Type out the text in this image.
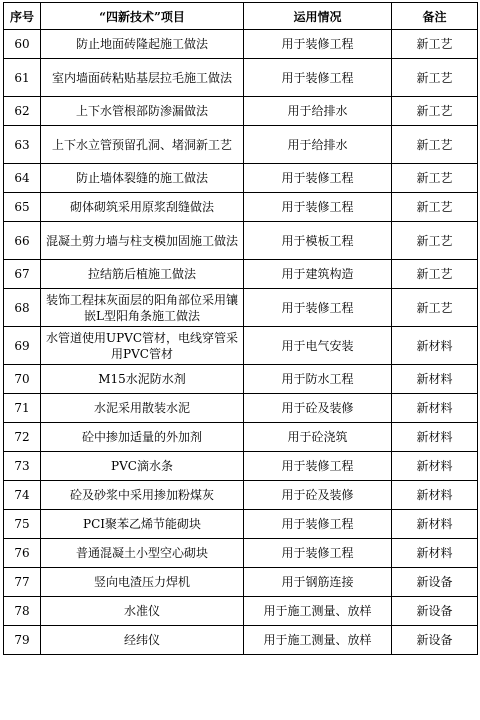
序号	“四新技术”项目	运用情况	备注
60	防止地面砖隆起施工做法	用于装修工程	新工艺
61	室内墙面砖粘贴基层拉毛施工做法	用于装修工程	新工艺
62	上下水管根部防渗漏做法	用于给排水	新工艺
63	上下水立管预留孔洞、堵洞新工艺	用于给排水	新工艺
64	防止墙体裂缝的施工做法	用于装修工程	新工艺
65	砌体砌筑采用原浆刮缝做法	用于装修工程	新工艺
66	混凝土剪力墙与柱支模加固施工做法	用于模板工程	新工艺
67	拉结筋后植施工做法	用于建筑构造	新工艺
68	装饰工程抹灰面层的阳角部位采用镶嵌L型阳角条施工做法	用于装修工程	新工艺
69	水管道使用UPVC管材，电线穿管采用PVC管材	用于电气安装	新材料
70	M15水泥防水剂	用于防水工程	新材料
71	水泥采用散装水泥	用于砼及装修	新材料
72	砼中掺加适量的外加剂	用于砼浇筑	新材料
73	PVC滴水条	用于装修工程	新材料
74	砼及砂浆中采用掺加粉煤灰	用于砼及装修	新材料
75	PCI聚苯乙烯节能砌块	用于装修工程	新材料
76	普通混凝土小型空心砌块	用于装修工程	新材料
77	竖向电渣压力焊机	用于钢筋连接	新设备
78	水准仪	用于施工测量、放样	新设备
79	经纬仪	用于施工测量、放样	新设备
